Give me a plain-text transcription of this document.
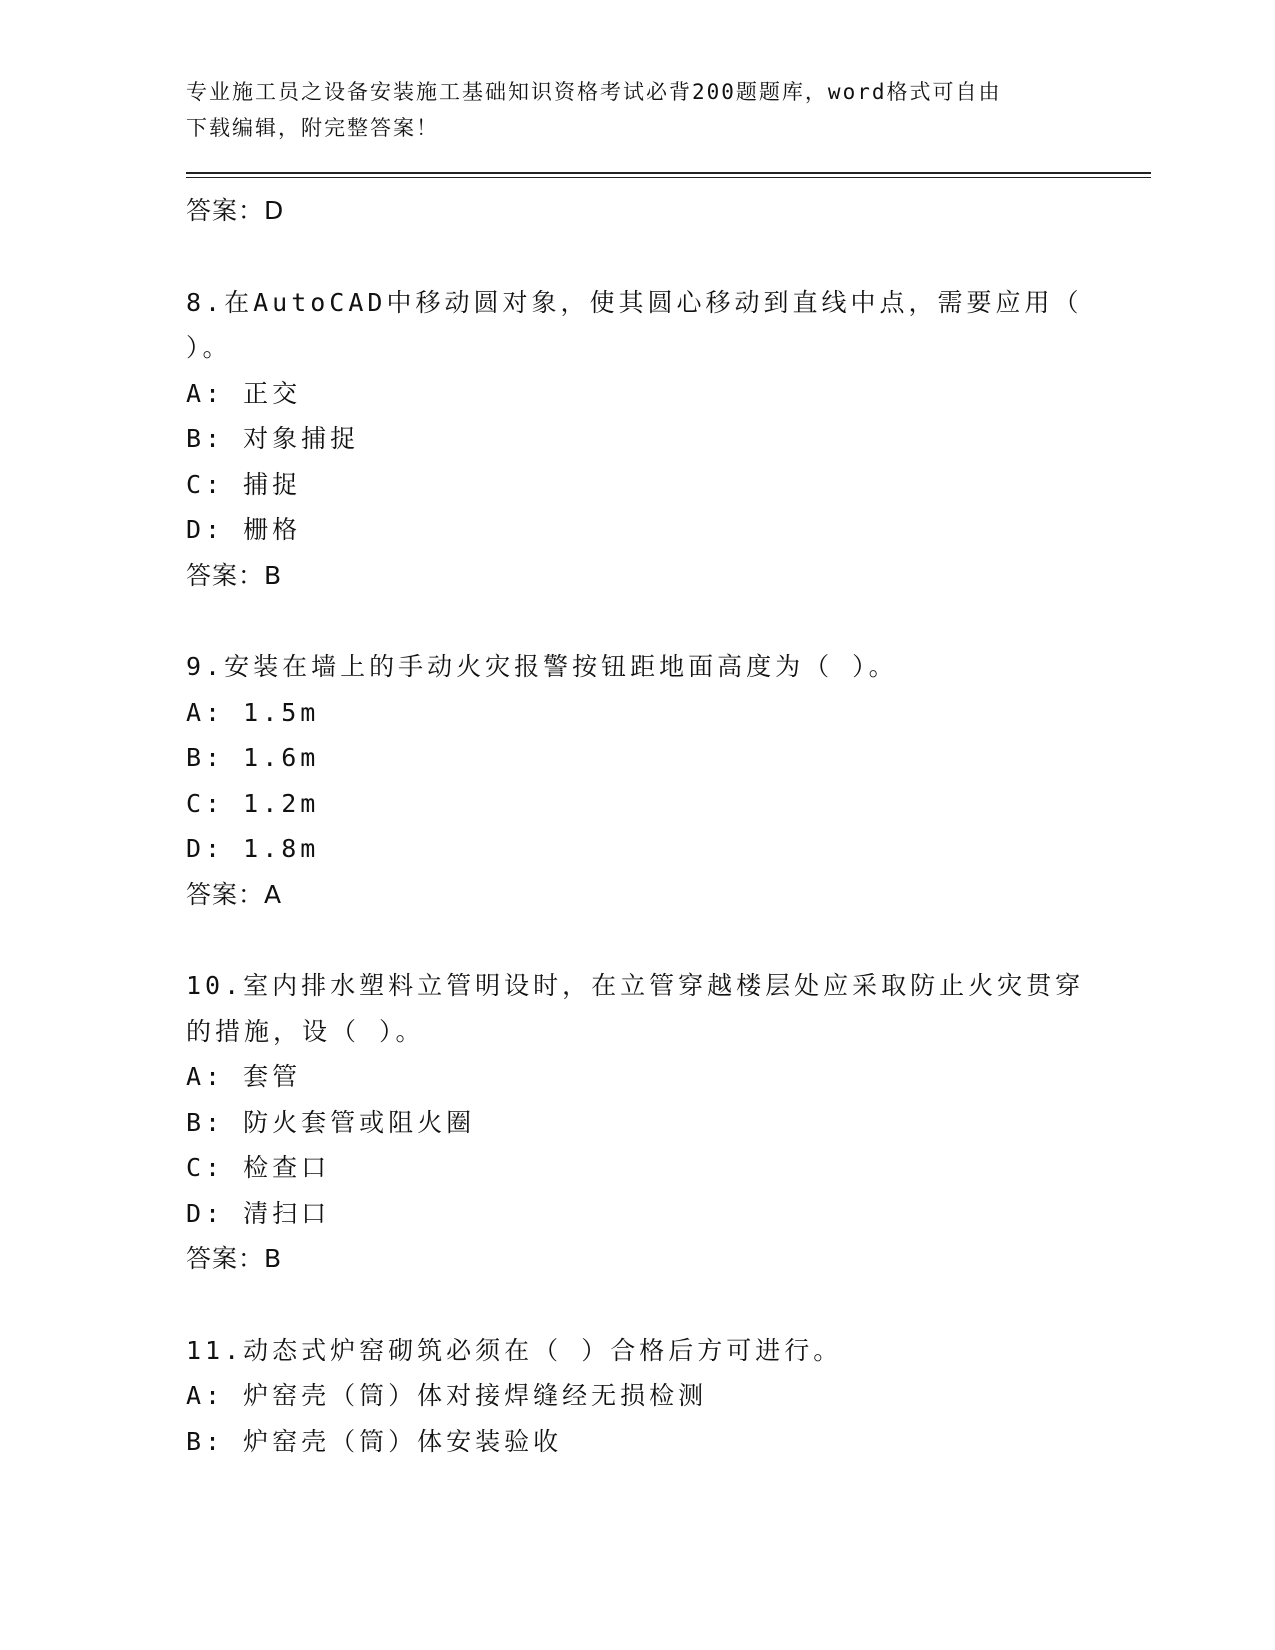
专业施工员之设备安装施工基础知识资格考试必背200题题库，word格式可自由
下载编辑，附完整答案！
答案：D
8.在AutoCAD中移动圆对象，使其圆心移动到直线中点，需要应用（
）。
A: 正交
B: 对象捕捉
C: 捕捉
D: 栅格
答案：B
9.安装在墙上的手动火灾报警按钮距地面高度为（ ）。
A: 1.5m
B: 1.6m
C: 1.2m
D: 1.8m
答案：A
10.室内排水塑料立管明设时，在立管穿越楼层处应采取防止火灾贯穿
的措施，设（ ）。
A: 套管
B: 防火套管或阻火圈
C: 检查口
D: 清扫口
答案：B
11.动态式炉窑砌筑必须在（ ）合格后方可进行。
A: 炉窑壳（筒）体对接焊缝经无损检测
B: 炉窑壳（筒）体安装验收
